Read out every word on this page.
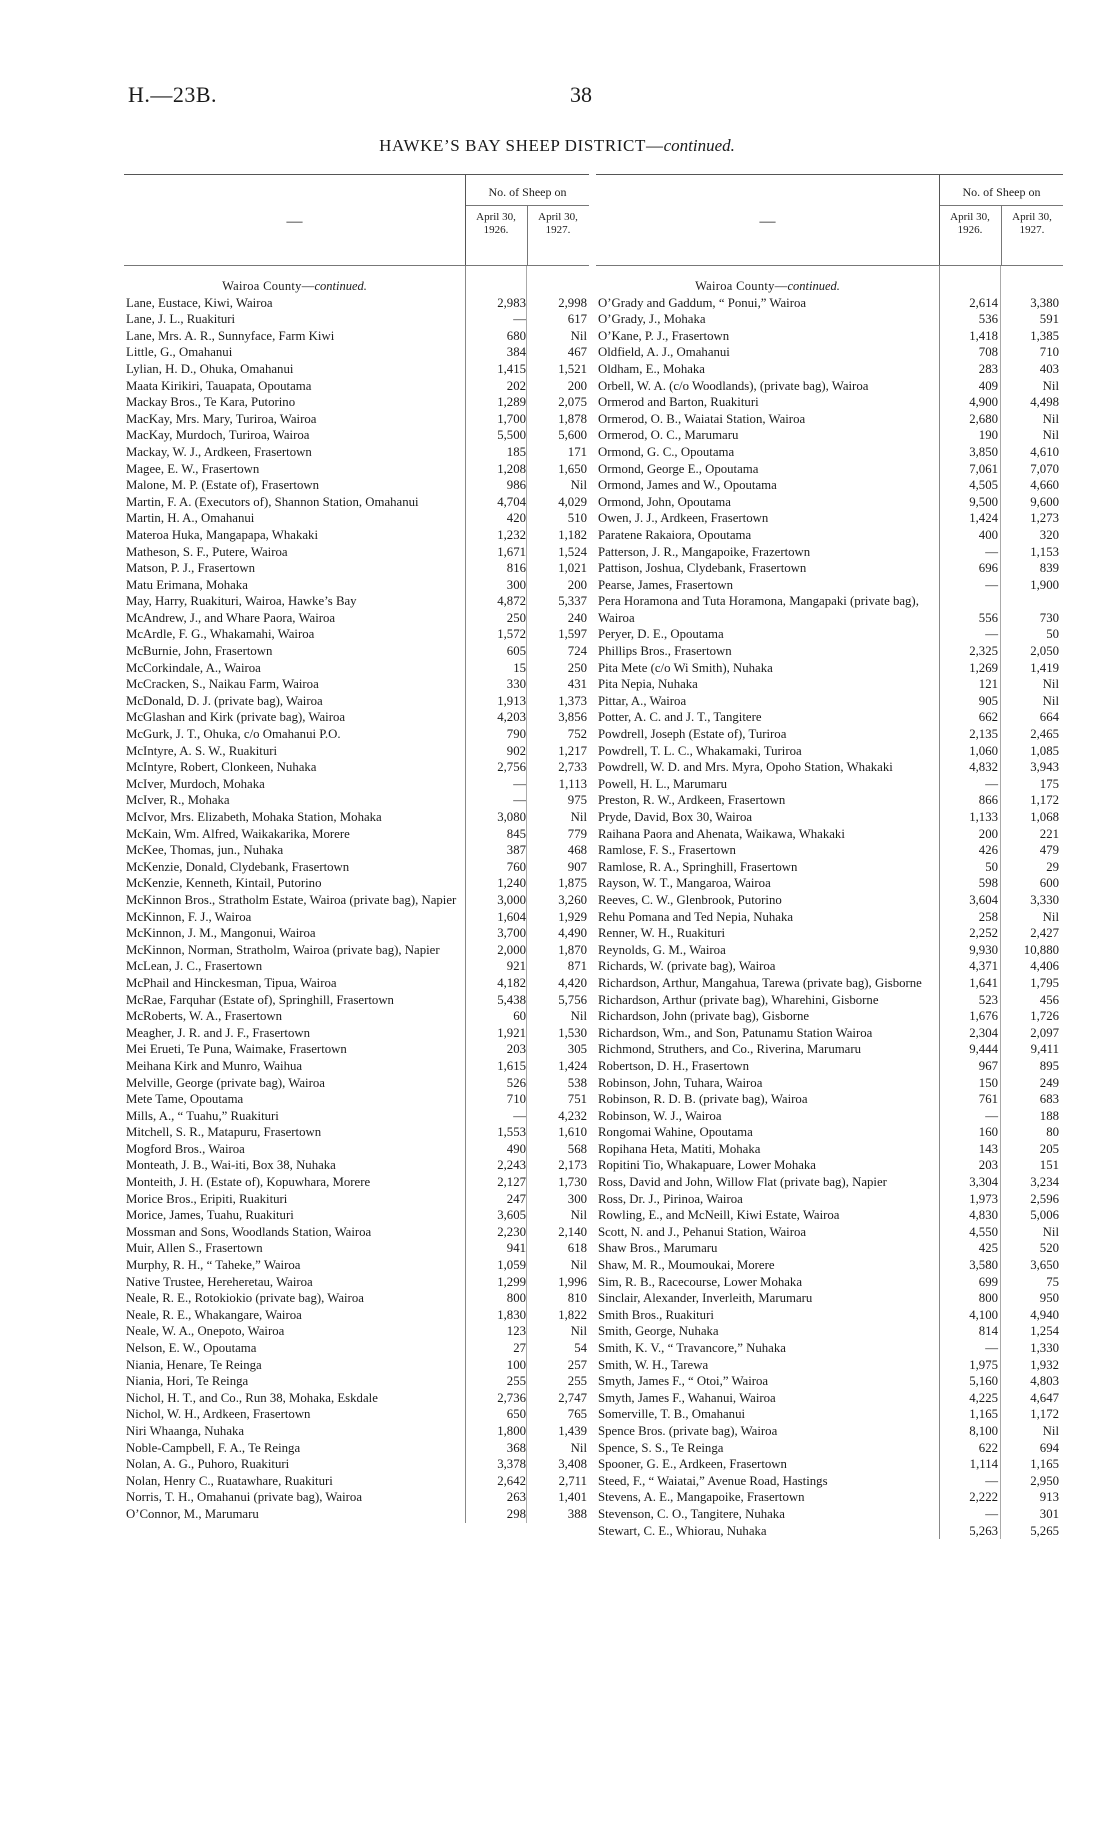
H.—23B.	38
HAWKE’S BAY SHEEP DISTRICT—continued.
—
No. of Sheep on
April 30, 1926.
April 30, 1927.
Wairoa County—continued.
Lane, Eustace, Kiwi, Wairoa	2,983	2,998
Lane, J. L., Ruakituri	—	617
Lane, Mrs. A. R., Sunnyface, Farm Kiwi	680	Nil
Little, G., Omahanui	384	467
Lylian, H. D., Ohuka, Omahanui	1,415	1,521
Maata Kirikiri, Tauapata, Opoutama	202	200
Mackay Bros., Te Kara, Putorino	1,289	2,075
MacKay, Mrs. Mary, Turiroa, Wairoa	1,700	1,878
MacKay, Murdoch, Turiroa, Wairoa	5,500	5,600
Mackay, W. J., Ardkeen, Frasertown	185	171
Magee, E. W., Frasertown	1,208	1,650
Malone, M. P. (Estate of), Frasertown	986	Nil
Martin, F. A. (Executors of), Shannon Station, Omahanui	4,704	4,029
Martin, H. A., Omahanui	420	510
Materoa Huka, Mangapapa, Whakaki	1,232	1,182
Matheson, S. F., Putere, Wairoa	1,671	1,524
Matson, P. J., Frasertown	816	1,021
Matu Erimana, Mohaka	300	200
May, Harry, Ruakituri, Wairoa, Hawke’s Bay	4,872	5,337
McAndrew, J., and Whare Paora, Wairoa	250	240
McArdle, F. G., Whakamahi, Wairoa	1,572	1,597
McBurnie, John, Frasertown	605	724
McCorkindale, A., Wairoa	15	250
McCracken, S., Naikau Farm, Wairoa	330	431
McDonald, D. J. (private bag), Wairoa	1,913	1,373
McGlashan and Kirk (private bag), Wairoa	4,203	3,856
McGurk, J. T., Ohuka, c/o Omahanui P.O.	790	752
McIntyre, A. S. W., Ruakituri	902	1,217
McIntyre, Robert, Clonkeen, Nuhaka	2,756	2,733
McIver, Murdoch, Mohaka	—	1,113
McIver, R., Mohaka	—	975
McIvor, Mrs. Elizabeth, Mohaka Station, Mohaka	3,080	Nil
McKain, Wm. Alfred, Waikakarika, Morere	845	779
McKee, Thomas, jun., Nuhaka	387	468
McKenzie, Donald, Clydebank, Frasertown	760	907
McKenzie, Kenneth, Kintail, Putorino	1,240	1,875
McKinnon Bros., Stratholm Estate, Wairoa (private bag), Napier	3,000	3,260
McKinnon, F. J., Wairoa	1,604	1,929
McKinnon, J. M., Mangonui, Wairoa	3,700	4,490
McKinnon, Norman, Stratholm, Wairoa (private bag), Napier	2,000	1,870
McLean, J. C., Frasertown	921	871
McPhail and Hinckesman, Tipua, Wairoa	4,182	4,420
McRae, Farquhar (Estate of), Springhill, Frasertown	5,438	5,756
McRoberts, W. A., Frasertown	60	Nil
Meagher, J. R. and J. F., Frasertown	1,921	1,530
Mei Erueti, Te Puna, Waimake, Frasertown	203	305
Meihana Kirk and Munro, Waihua	1,615	1,424
Melville, George (private bag), Wairoa	526	538
Mete Tame, Opoutama	710	751
Mills, A., “ Tuahu,” Ruakituri	—	4,232
Mitchell, S. R., Matapuru, Frasertown	1,553	1,610
Mogford Bros., Wairoa	490	568
Monteath, J. B., Wai-iti, Box 38, Nuhaka	2,243	2,173
Monteith, J. H. (Estate of), Kopuwhara, Morere	2,127	1,730
Morice Bros., Eripiti, Ruakituri	247	300
Morice, James, Tuahu, Ruakituri	3,605	Nil
Mossman and Sons, Woodlands Station, Wairoa	2,230	2,140
Muir, Allen S., Frasertown	941	618
Murphy, R. H., “ Taheke,” Wairoa	1,059	Nil
Native Trustee, Hereheretau, Wairoa	1,299	1,996
Neale, R. E., Rotokiokio (private bag), Wairoa	800	810
Neale, R. E., Whakangare, Wairoa	1,830	1,822
Neale, W. A., Onepoto, Wairoa	123	Nil
Nelson, E. W., Opoutama	27	54
Niania, Henare, Te Reinga	100	257
Niania, Hori, Te Reinga	255	255
Nichol, H. T., and Co., Run 38, Mohaka, Eskdale	2,736	2,747
Nichol, W. H., Ardkeen, Frasertown	650	765
Niri Whaanga, Nuhaka	1,800	1,439
Noble-Campbell, F. A., Te Reinga	368	Nil
Nolan, A. G., Puhoro, Ruakituri	3,378	3,408
Nolan, Henry C., Ruatawhare, Ruakituri	2,642	2,711
Norris, T. H., Omahanui (private bag), Wairoa	263	1,401
O’Connor, M., Marumaru	298	388
—
No. of Sheep on
April 30, 1926.
April 30, 1927.
Wairoa County—continued.
O’Grady and Gaddum, “ Ponui,” Wairoa	2,614	3,380
O’Grady, J., Mohaka	536	591
O’Kane, P. J., Frasertown	1,418	1,385
Oldfield, A. J., Omahanui	708	710
Oldham, E., Mohaka	283	403
Orbell, W. A. (c/o Woodlands), (private bag), Wairoa	409	Nil
Ormerod and Barton, Ruakituri	4,900	4,498
Ormerod, O. B., Waiatai Station, Wairoa	2,680	Nil
Ormerod, O. C., Marumaru	190	Nil
Ormond, G. C., Opoutama	3,850	4,610
Ormond, George E., Opoutama	7,061	7,070
Ormond, James and W., Opoutama	4,505	4,660
Ormond, John, Opoutama	9,500	9,600
Owen, J. J., Ardkeen, Frasertown	1,424	1,273
Paratene Rakaiora, Opoutama	400	320
Patterson, J. R., Mangapoike, Frazertown	—	1,153
Pattison, Joshua, Clydebank, Frasertown	696	839
Pearse, James, Frasertown	—	1,900
Pera Horamona and Tuta Horamona, Mangapaki (private bag), Wairoa	556	730
Peryer, D. E., Opoutama	—	50
Phillips Bros., Frasertown	2,325	2,050
Pita Mete (c/o Wi Smith), Nuhaka	1,269	1,419
Pita Nepia, Nuhaka	121	Nil
Pittar, A., Wairoa	905	Nil
Potter, A. C. and J. T., Tangitere	662	664
Powdrell, Joseph (Estate of), Turiroa	2,135	2,465
Powdrell, T. L. C., Whakamaki, Turiroa	1,060	1,085
Powdrell, W. D. and Mrs. Myra, Opoho Station, Whakaki	4,832	3,943
Powell, H. L., Marumaru	—	175
Preston, R. W., Ardkeen, Frasertown	866	1,172
Pryde, David, Box 30, Wairoa	1,133	1,068
Raihana Paora and Ahenata, Waikawa, Whakaki	200	221
Ramlose, F. S., Frasertown	426	479
Ramlose, R. A., Springhill, Frasertown	50	29
Rayson, W. T., Mangaroa, Wairoa	598	600
Reeves, C. W., Glenbrook, Putorino	3,604	3,330
Rehu Pomana and Ted Nepia, Nuhaka	258	Nil
Renner, W. H., Ruakituri	2,252	2,427
Reynolds, G. M., Wairoa	9,930	10,880
Richards, W. (private bag), Wairoa	4,371	4,406
Richardson, Arthur, Mangahua, Tarewa (private bag), Gisborne	1,641	1,795
Richardson, Arthur (private bag), Wharehini, Gisborne	523	456
Richardson, John (private bag), Gisborne	1,676	1,726
Richardson, Wm., and Son, Patunamu Station Wairoa	2,304	2,097
Richmond, Struthers, and Co., Riverina, Marumaru	9,444	9,411
Robertson, D. H., Frasertown	967	895
Robinson, John, Tuhara, Wairoa	150	249
Robinson, R. D. B. (private bag), Wairoa	761	683
Robinson, W. J., Wairoa	—	188
Rongomai Wahine, Opoutama	160	80
Ropihana Heta, Matiti, Mohaka	143	205
Ropitini Tio, Whakapuare, Lower Mohaka	203	151
Ross, David and John, Willow Flat (private bag), Napier	3,304	3,234
Ross, Dr. J., Pirinoa, Wairoa	1,973	2,596
Rowling, E., and McNeill, Kiwi Estate, Wairoa	4,830	5,006
Scott, N. and J., Pehanui Station, Wairoa	4,550	Nil
Shaw Bros., Marumaru	425	520
Shaw, M. R., Moumoukai, Morere	3,580	3,650
Sim, R. B., Racecourse, Lower Mohaka	699	75
Sinclair, Alexander, Inverleith, Marumaru	800	950
Smith Bros., Ruakituri	4,100	4,940
Smith, George, Nuhaka	814	1,254
Smith, K. V., “ Travancore,” Nuhaka	—	1,330
Smith, W. H., Tarewa	1,975	1,932
Smyth, James F., “ Otoi,” Wairoa	5,160	4,803
Smyth, James F., Wahanui, Wairoa	4,225	4,647
Somerville, T. B., Omahanui	1,165	1,172
Spence Bros. (private bag), Wairoa	8,100	Nil
Spence, S. S., Te Reinga	622	694
Spooner, G. E., Ardkeen, Frasertown	1,114	1,165
Steed, F., “ Waiatai,” Avenue Road, Hastings	—	2,950
Stevens, A. E., Mangapoike, Frasertown	2,222	913
Stevenson, C. O., Tangitere, Nuhaka	—	301
Stewart, C. E., Whiorau, Nuhaka	5,263	5,265
